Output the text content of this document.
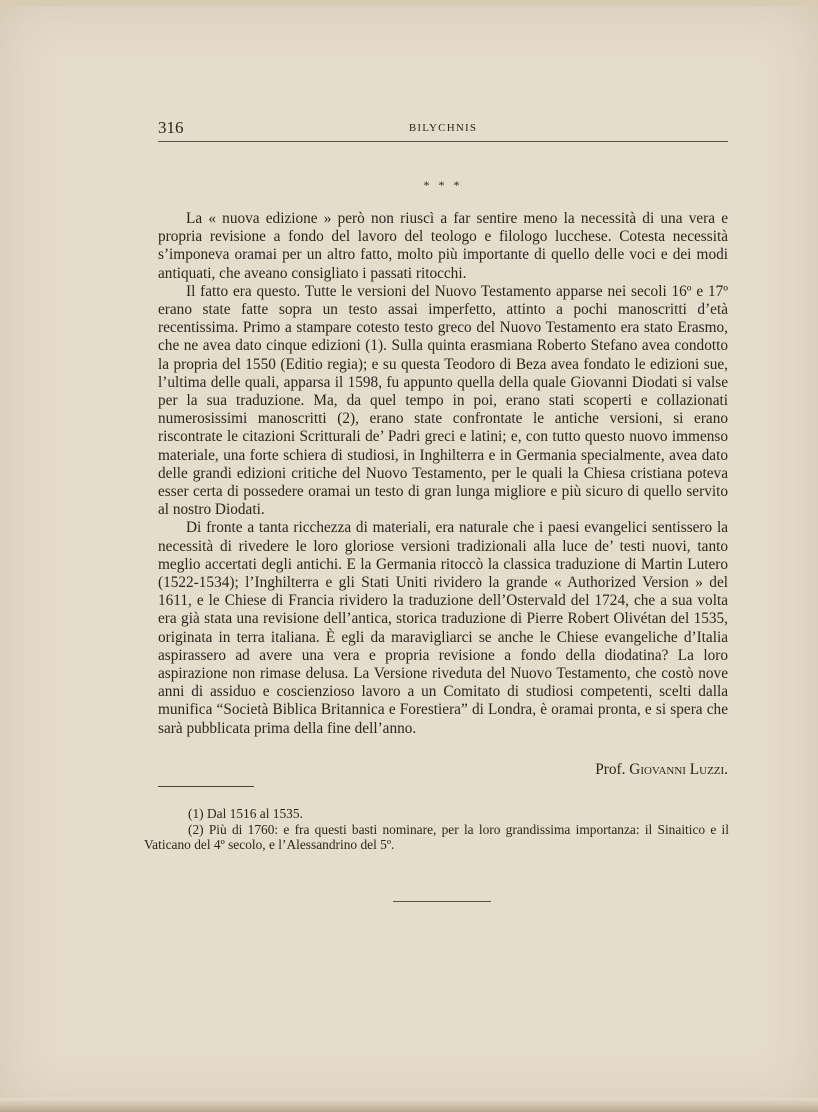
316	BILYCHNIS
* * *

La « nuova edizione » però non riuscì a far sentire meno la necessità di una vera e propria revisione a fondo del lavoro del teologo e filologo lucchese. Cotesta necessità s’imponeva oramai per un altro fatto, molto più importante di quello delle voci e dei modi antiquati, che aveano consigliato i passati ritocchi.

Il fatto era questo. Tutte le versioni del Nuovo Testamento apparse nei secoli 16º e 17º erano state fatte sopra un testo assai imperfetto, attinto a pochi manoscritti d’età recentissima. Primo a stampare cotesto testo greco del Nuovo Testamento era stato Erasmo, che ne avea dato cinque edizioni (1). Sulla quinta erasmiana Roberto Stefano avea condotto la propria del 1550 (Editio regia); e su questa Teodoro di Beza avea fondato le edizioni sue, l’ultima delle quali, apparsa il 1598, fu appunto quella della quale Giovanni Diodati si valse per la sua traduzione. Ma, da quel tempo in poi, erano stati scoperti e collazionati numerosissimi manoscritti (2), erano state confrontate le antiche versioni, si erano riscontrate le citazioni Scritturali de’ Padri greci e latini; e, con tutto questo nuovo immenso materiale, una forte schiera di studiosi, in Inghilterra e in Germania specialmente, avea dato delle grandi edizioni critiche del Nuovo Testamento, per le quali la Chiesa cristiana poteva esser certa di possedere oramai un testo di gran lunga migliore e più sicuro di quello servito al nostro Diodati.

Di fronte a tanta ricchezza di materiali, era naturale che i paesi evangelici sentissero la necessità di rivedere le loro gloriose versioni tradizionali alla luce de’ testi nuovi, tanto meglio accertati degli antichi. E la Germania ritoccò la classica traduzione di Martin Lutero (1522-1534); l’Inghilterra e gli Stati Uniti rividero la grande « Authorized Version » del 1611, e le Chiese di Francia rividero la traduzione dell’Ostervald del 1724, che a sua volta era già stata una revisione dell’antica, storica traduzione di Pierre Robert Olivétan del 1535, originata in terra italiana. È egli da maravigliarci se anche le Chiese evangeliche d’Italia aspirassero ad avere una vera e propria revisione a fondo della diodatina? La loro aspirazione non rimase delusa. La Versione riveduta del Nuovo Testamento, che costò nove anni di assiduo e coscienzioso lavoro a un Comitato di studiosi competenti, scelti dalla munifica “Società Biblica Britannica e Forestiera” di Londra, è oramai pronta, e si spera che sarà pubblicata prima della fine dell’anno.

Prof. Giovanni Luzzi.

(1) Dal 1516 al 1535.

(2) Più di 1760: e fra questi basti nominare, per la loro grandissima importanza: il Sinaitico e il Vaticano del 4º secolo, e l’Alessandrino del 5º.
